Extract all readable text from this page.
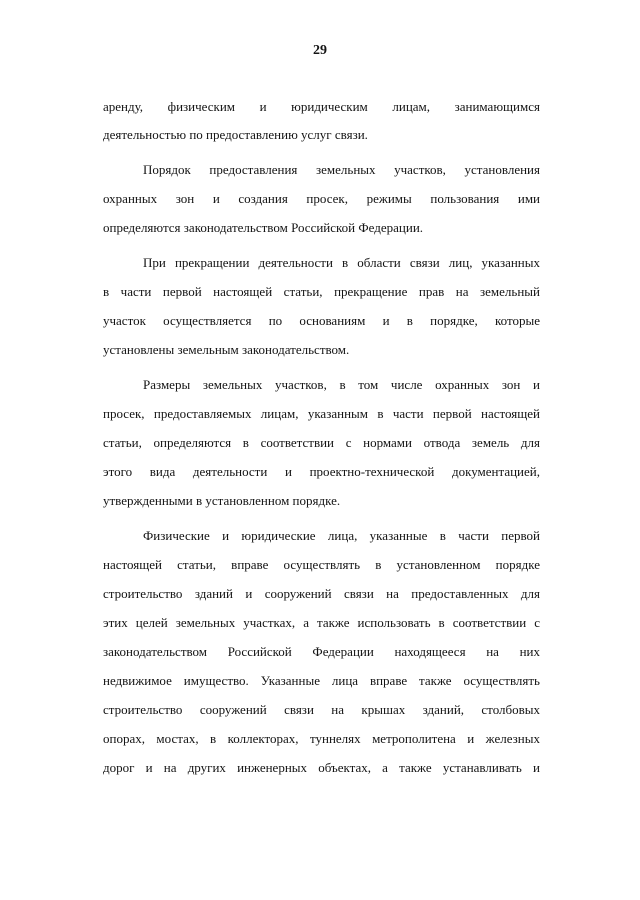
29
аренду, физическим и юридическим лицам, занимающимся
деятельностью по предоставлению услуг связи.
Порядок предоставления земельных участков, установления
охранных зон и создания просек, режимы пользования ими
определяются законодательством Российской Федерации.
При прекращении деятельности в области связи лиц, указанных
в части первой настоящей статьи, прекращение прав на земельный
участок осуществляется по основаниям и в порядке, которые
установлены земельным законодательством.
Размеры земельных участков, в том числе охранных зон и
просек, предоставляемых лицам, указанным в части первой настоящей
статьи, определяются в соответствии с нормами отвода земель для
этого вида деятельности и проектно-технической документацией,
утвержденными в установленном порядке.
Физические и юридические лица, указанные в части первой
настоящей статьи, вправе осуществлять в установленном порядке
строительство зданий и сооружений связи на предоставленных для
этих целей земельных участках, а также использовать в соответствии с
законодательством Российской Федерации находящееся на них
недвижимое имущество. Указанные лица вправе также осуществлять
строительство сооружений связи на крышах зданий, столбовых
опорах, мостах, в коллекторах, туннелях метрополитена и железных
дорог и на других инженерных объектах, а также устанавливать и
